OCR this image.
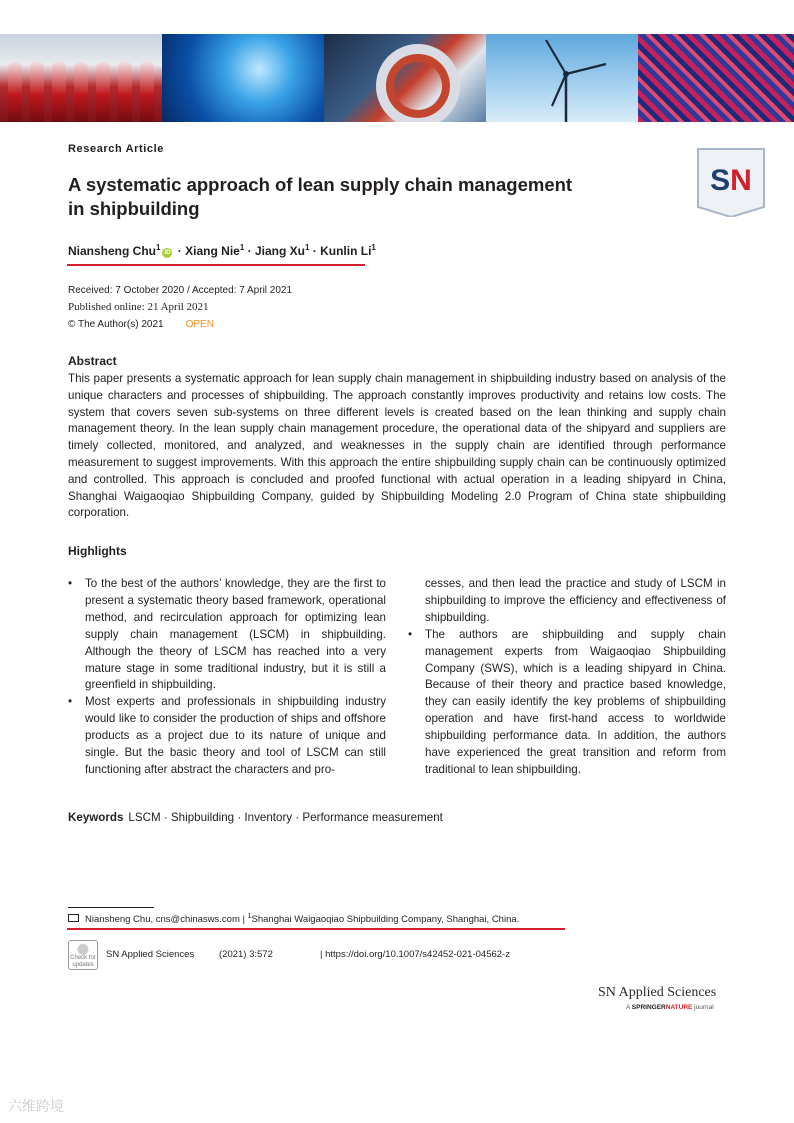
SN
Research Article
A systematic approach of lean supply chain management
in shipbuilding
Niansheng Chu$^1$iD · Xiang Nie$^1$ · Jiang $Xu^1$ · Kunlin Li$^1$
Received: 7 October 2020 / Accepted: 7 April 2021
Published online: 21 April 2021
© The Author(s) 2021 OPEN
Abstract
This paper presents a systematic approach for lean supply chain management in shipbuilding industry based on analysis of the unique characters and processes of shipbuilding. The approach constantly improves productivity and retains low costs. The system that covers seven sub-systems on three different levels is created based on the lean thinking and supply chain management theory. In the lean supply chain management procedure, the operational data of the shipyard and suppliers are timely collected, monitored, and analyzed, and weaknesses in the supply chain are identified through performance measurement to suggest improvements. With this approach the entire shipbuilding supply chain can be continuously optimized and controlled. This approach is concluded and proofed functional with actual operation in a leading shipyard in China, Shanghai Waigaoqiao Shipbuilding Company, guided by Shipbuilding Modeling 2.0 Program of China state shipbuilding corporation.
Highlights
• To the best of the authors’ knowledge, they are the first to present a systematic theory based framework, operational method, and recirculation approach for optimizing lean supply chain management (LSCM) in shipbuilding. Although the theory of LSCM has reached into a very mature stage in some traditional industry, but it is still a greenfield in shipbuilding.
• Most experts and professionals in shipbuilding industry would like to consider the production of ships and offshore products as a project due to its nature of unique and single. But the basic theory and tool of LSCM can still functioning after abstract the characters and pro-
cesses, and then lead the practice and study of LSCM in shipbuilding to improve the efficiency and effectiveness of shipbuilding.
• The authors are shipbuilding and supply chain management experts from Waigaoqiao Shipbuilding Company (SWS), which is a leading shipyard in China. Because of their theory and practice based knowledge, they can easily identify the key problems of shipbuilding operation and have first-hand access to worldwide shipbuilding performance data. In addition, the authors have experienced the great transition and reform from traditional to lean shipbuilding.
Keywords LSCM · Shipbuilding · Inventory · Performance measurement
Niansheng Chu, cns@chinasws.com | $^1$Shanghai Waigaoqiao Shipbuilding Company, Shanghai, China.
Check for updates
SN Applied Sciences	(2021) 3:572	| https://doi.org/10.1007/s42452-021-04562-z
SN Applied Sciences
A SPRINGERNATURE journal
六维跨境
